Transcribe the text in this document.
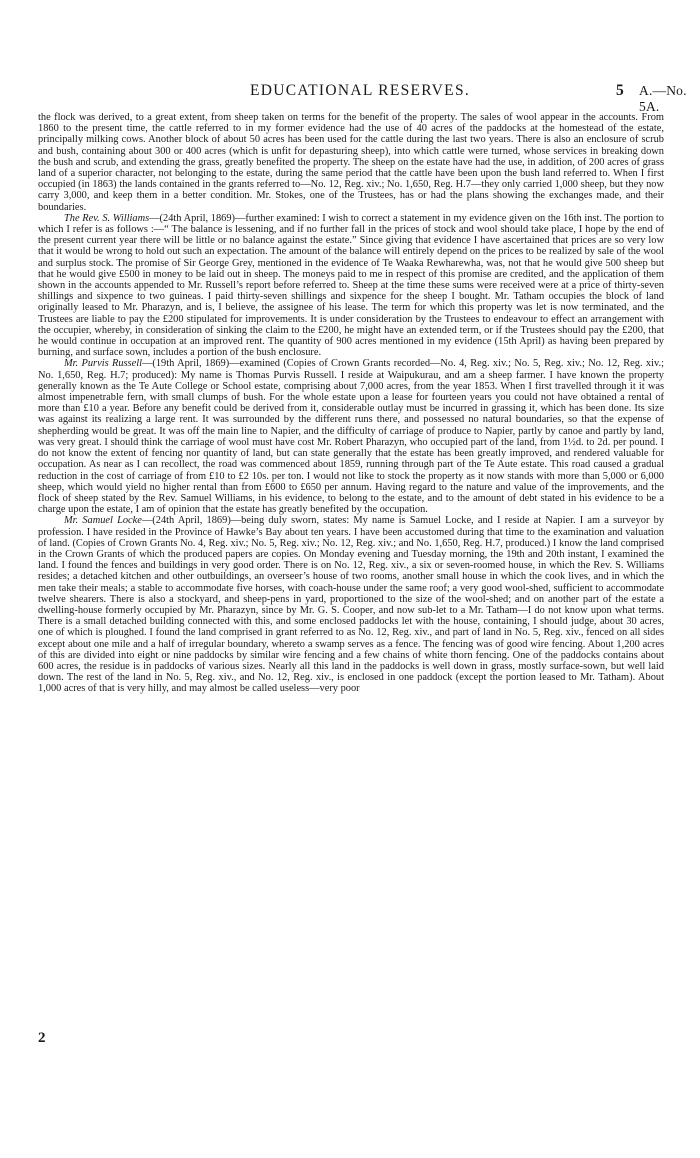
EDUCATIONAL RESERVES.	5 A.—No. 5A.

the flock was derived, to a great extent, from sheep taken on terms for the benefit of the property. The sales of wool appear in the accounts. From 1860 to the present time, the cattle referred to in my former evidence had the use of 40 acres of the paddocks at the homestead of the estate, principally milking cows. Another block of about 50 acres has been used for the cattle during the last two years. There is also an enclosure of scrub and bush, containing about 300 or 400 acres (which is unfit for depasturing sheep), into which cattle were turned, whose services in breaking down the bush and scrub, and extending the grass, greatly benefited the property. The sheep on the estate have had the use, in addition, of 200 acres of grass land of a superior character, not belonging to the estate, during the same period that the cattle have been upon the bush land referred to. When I first occupied (in 1863) the lands contained in the grants referred to—No. 12, Reg. xiv.; No. 1,650, Reg. H.7—they only carried 1,000 sheep, but they now carry 3,000, and keep them in a better condition. Mr. Stokes, one of the Trustees, has or had the plans showing the exchanges made, and their boundaries.

The Rev. S. Williams—(24th April, 1869)—further examined: I wish to correct a statement in my evidence given on the 16th inst. The portion to which I refer is as follows :—“ The balance is lessening, and if no further fall in the prices of stock and wool should take place, I hope by the end of the present current year there will be little or no balance against the estate.” Since giving that evidence I have ascertained that prices are so very low that it would be wrong to hold out such an expectation. The amount of the balance will entirely depend on the prices to be realized by sale of the wool and surplus stock. The promise of Sir George Grey, mentioned in the evidence of Te Waaka Rewharewha, was, not that he would give 500 sheep but that he would give £500 in money to be laid out in sheep. The moneys paid to me in respect of this promise are credited, and the application of them shown in the accounts appended to Mr. Russell’s report before referred to. Sheep at the time these sums were received were at a price of thirty-seven shillings and sixpence to two guineas. I paid thirty-seven shillings and sixpence for the sheep I bought. Mr. Tatham occupies the block of land originally leased to Mr. Pharazyn, and is, I believe, the assignee of his lease. The term for which this property was let is now terminated, and the Trustees are liable to pay the £200 stipulated for improvements. It is under consideration by the Trustees to endeavour to effect an arrangement with the occupier, whereby, in consideration of sinking the claim to the £200, he might have an extended term, or if the Trustees should pay the £200, that he would continue in occupation at an improved rent. The quantity of 900 acres mentioned in my evidence (15th April) as having been prepared by burning, and surface sown, includes a portion of the bush enclosure.

Mr. Purvis Russell—(19th April, 1869)—examined (Copies of Crown Grants recorded—No. 4, Reg. xiv.; No. 5, Reg. xiv.; No. 12, Reg. xiv.; No. 1,650, Reg. H.7; produced): My name is Thomas Purvis Russell. I reside at Waipukurau, and am a sheep farmer. I have known the property generally known as the Te Aute College or School estate, comprising about 7,000 acres, from the year 1853. When I first travelled through it it was almost impenetrable fern, with small clumps of bush. For the whole estate upon a lease for fourteen years you could not have obtained a rental of more than £10 a year. Before any benefit could be derived from it, considerable outlay must be incurred in grassing it, which has been done. Its size was against its realizing a large rent. It was surrounded by the different runs there, and possessed no natural boundaries, so that the expense of shepherding would be great. It was off the main line to Napier, and the difficulty of carriage of produce to Napier, partly by canoe and partly by land, was very great. I should think the carriage of wool must have cost Mr. Robert Pharazyn, who occupied part of the land, from 1½d. to 2d. per pound. I do not know the extent of fencing nor quantity of land, but can state generally that the estate has been greatly improved, and rendered valuable for occupation. As near as I can recollect, the road was commenced about 1859, running through part of the Te Aute estate. This road caused a gradual reduction in the cost of carriage of from £10 to £2 10s. per ton. I would not like to stock the property as it now stands with more than 5,000 or 6,000 sheep, which would yield no higher rental than from £600 to £650 per annum. Having regard to the nature and value of the improvements, and the flock of sheep stated by the Rev. Samuel Williams, in his evidence, to belong to the estate, and to the amount of debt stated in his evidence to be a charge upon the estate, I am of opinion that the estate has greatly benefited by the occupation.

Mr. Samuel Locke—(24th April, 1869)—being duly sworn, states: My name is Samuel Locke, and I reside at Napier. I am a surveyor by profession. I have resided in the Province of Hawke’s Bay about ten years. I have been accustomed during that time to the examination and valuation of land. (Copies of Crown Grants No. 4, Reg. xiv.; No. 5, Reg. xiv.; No. 12, Reg. xiv.; and No. 1,650, Reg. H.7, produced.) I know the land comprised in the Crown Grants of which the produced papers are copies. On Monday evening and Tuesday morning, the 19th and 20th instant, I examined the land. I found the fences and buildings in very good order. There is on No. 12, Reg. xiv., a six or seven-roomed house, in which the Rev. S. Williams resides; a detached kitchen and other outbuildings, an overseer’s house of two rooms, another small house in which the cook lives, and in which the men take their meals; a stable to accommodate five horses, with coach-house under the same roof; a very good wool-shed, sufficient to accommodate twelve shearers. There is also a stockyard, and sheep-pens in yard, proportioned to the size of the wool-shed; and on another part of the estate a dwelling-house formerly occupied by Mr. Pharazyn, since by Mr. G. S. Cooper, and now sub-let to a Mr. Tatham—I do not know upon what terms. There is a small detached building connected with this, and some enclosed paddocks let with the house, containing, I should judge, about 30 acres, one of which is ploughed. I found the land comprised in grant referred to as No. 12, Reg. xiv., and part of land in No. 5, Reg. xiv., fenced on all sides except about one mile and a half of irregular boundary, whereto a swamp serves as a fence. The fencing was of good wire fencing. About 1,200 acres of this are divided into eight or nine paddocks by similar wire fencing and a few chains of white thorn fencing. One of the paddocks contains about 600 acres, the residue is in paddocks of various sizes. Nearly all this land in the paddocks is well down in grass, mostly surface-sown, but well laid down. The rest of the land in No. 5, Reg. xiv., and No. 12, Reg. xiv., is enclosed in one paddock (except the portion leased to Mr. Tatham). About 1,000 acres of that is very hilly, and may almost be called useless—very poor

2
